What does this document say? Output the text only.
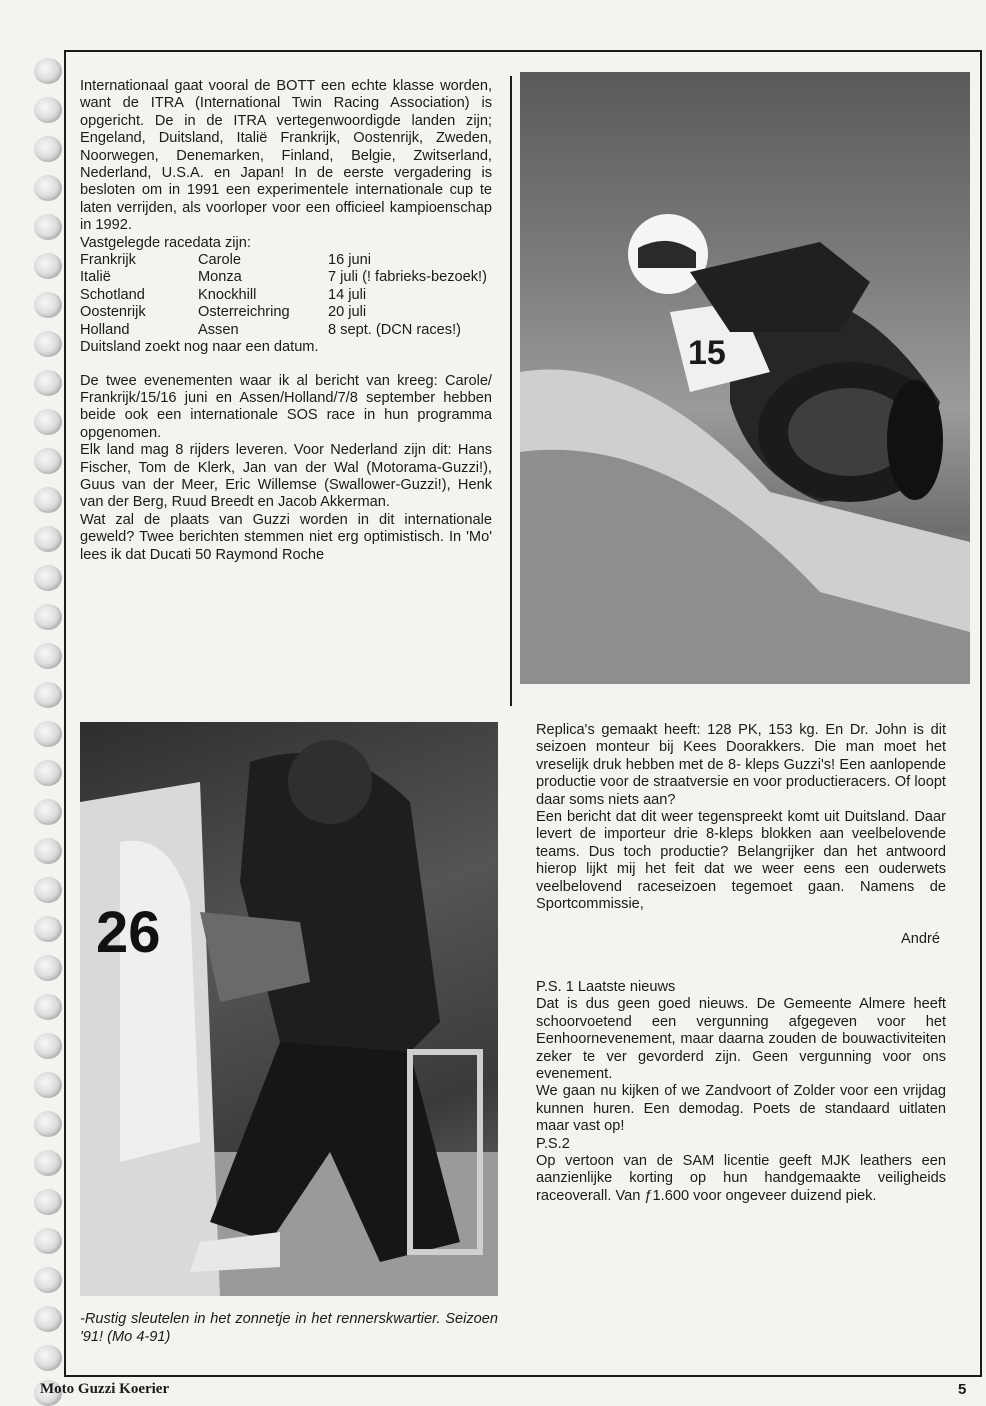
Internationaal gaat vooral de BOTT een echte klasse worden, want de ITRA (International Twin Racing Association) is opgericht. De in de ITRA vertegenwoordigde landen zijn; Engeland, Duitsland, Italië Frankrijk, Oostenrijk, Zweden, Noorwegen, Denemarken, Finland, Belgie, Zwitserland, Nederland, U.S.A. en Japan! In de eerste vergadering is besloten om in 1991 een experimentele internationale cup te laten verrijden, als voorloper voor een officieel kampioenschap in 1992.

Vastgelegde racedata zijn:

Frankrijk	Carole	16 juni
Italië	Monza	7 juli (! fabrieks-bezoek!)
Schotland	Knockhill	14 juli
Oostenrijk	Osterreichring	20 juli
Holland	Assen	8 sept. (DCN races!)

Duitsland zoekt nog naar een datum.

De twee evenementen waar ik al bericht van kreeg: Carole/ Frankrijk/15/16 juni en Assen/Holland/7/8 september hebben beide ook een internationale SOS race in hun programma opgenomen.

Elk land mag 8 rijders leveren. Voor Nederland zijn dit: Hans Fischer, Tom de Klerk, Jan van der Wal (Motorama-Guzzi!), Guus van der Meer, Eric Willemse (Swallower-Guzzi!), Henk van der Berg, Ruud Breedt en Jacob Akkerman.

Wat zal de plaats van Guzzi worden in dit internationale geweld? Twee berichten stemmen niet erg optimistisch. In 'Mo' lees ik dat Ducati 50 Raymond Roche

15
26

-Rustig sleutelen in het zonnetje in het rennerskwartier. Seizoen '91! (Mo 4-91)

Replica's gemaakt heeft: 128 PK, 153 kg. En Dr. John is dit seizoen monteur bij Kees Doorakkers. Die man moet het vreselijk druk hebben met de 8- kleps Guzzi's! Een aanlopende productie voor de straatversie en voor productieracers. Of loopt daar soms niets aan?

Een bericht dat dit weer tegenspreekt komt uit Duitsland. Daar levert de importeur drie 8-kleps blokken aan veelbelovende teams. Dus toch productie? Belangrijker dan het antwoord hierop lijkt mij het feit dat we weer eens een ouderwets veelbelovend raceseizoen tegemoet gaan. Namens de Sportcommissie,

André

P.S. 1 Laatste nieuws

Dat is dus geen goed nieuws. De Gemeente Almere heeft schoorvoetend een vergunning afgegeven voor het Eenhoornevenement, maar daarna zouden de bouwactiviteiten zeker te ver gevorderd zijn. Geen vergunning voor ons evenement.

We gaan nu kijken of we Zandvoort of Zolder voor een vrijdag kunnen huren. Een demodag. Poets de standaard uitlaten maar vast op!

P.S.2

Op vertoon van de SAM licentie geeft MJK leathers een aanzienlijke korting op hun handgemaakte veiligheids raceoverall. Van ƒ1.600 voor ongeveer duizend piek.

Moto Guzzi Koerier	5
